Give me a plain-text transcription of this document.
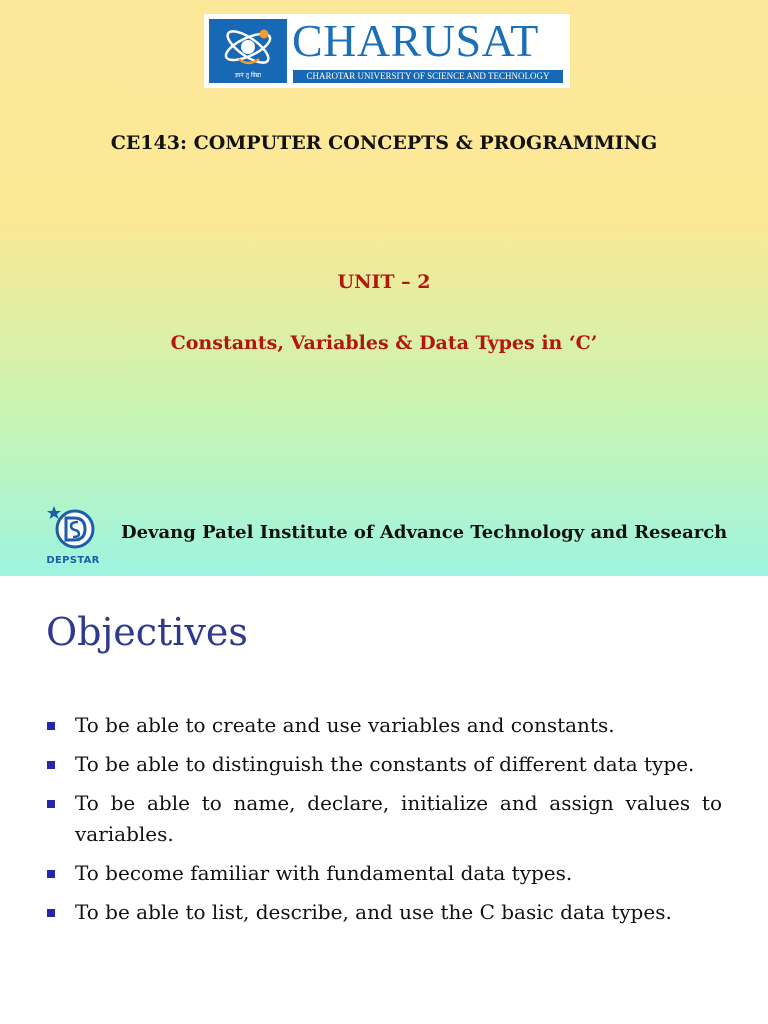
ज्ञानं तु विद्या
CHARUSAT
CHAROTAR UNIVERSITY OF SCIENCE AND TECHNOLOGY
CE143: COMPUTER CONCEPTS & PROGRAMMING
UNIT – 2
Constants, Variables & Data Types in ‘C’
DEPSTAR
Devang Patel Institute of Advance Technology and Research
Objectives
To be able to create and use variables and constants.
To be able to distinguish the constants of different data type.
To be able to name, declare, initialize and assign values to variables.
To become familiar with fundamental data types.
To be able to list, describe, and use the C basic data types.
